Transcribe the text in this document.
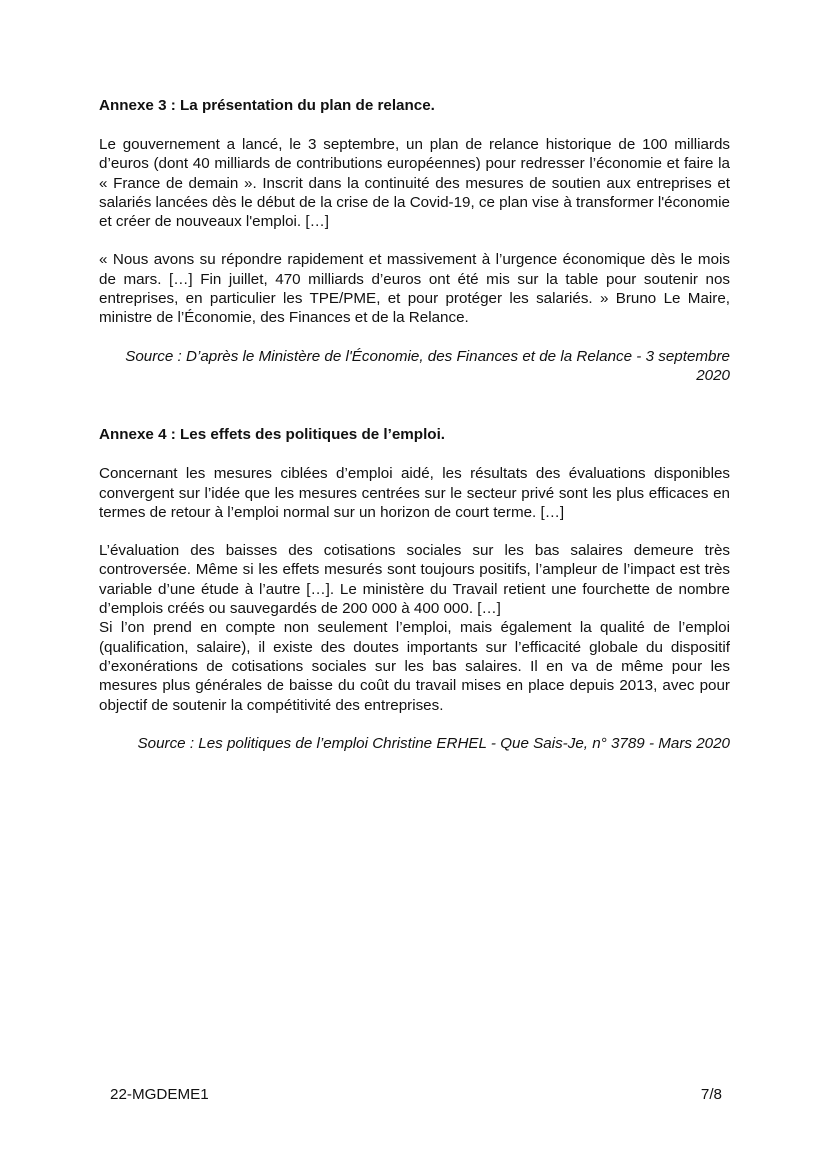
Annexe 3 : La présentation du plan de relance.

Le gouvernement a lancé, le 3 septembre, un plan de relance historique de 100 milliards d’euros (dont 40 milliards de contributions européennes) pour redresser l’économie et faire la « France de demain ». Inscrit dans la continuité des mesures de soutien aux entreprises et salariés lancées dès le début de la crise de la Covid-19, ce plan vise à transformer l'économie et créer de nouveaux l'emploi. […]

« Nous avons su répondre rapidement et massivement à l’urgence économique dès le mois de mars. […] Fin juillet, 470 milliards d’euros ont été mis sur la table pour soutenir nos entreprises, en particulier les TPE/PME, et pour protéger les salariés. » Bruno Le Maire, ministre de l’Économie, des Finances et de la Relance.

Source : D’après le Ministère de l'Économie, des Finances et de la Relance - 3 septembre 2020

Annexe 4 : Les effets des politiques de l’emploi.

Concernant les mesures ciblées d’emploi aidé, les résultats des évaluations disponibles convergent sur l’idée que les mesures centrées sur le secteur privé sont les plus efficaces en termes de retour à l’emploi normal sur un horizon de court terme. […]

L’évaluation des baisses des cotisations sociales sur les bas salaires demeure très controversée. Même si les effets mesurés sont toujours positifs, l’ampleur de l’impact est très variable d’une étude à l’autre […]. Le ministère du Travail retient une fourchette de nombre d’emplois créés ou sauvegardés de 200 000 à 400 000. […]

Si l’on prend en compte non seulement l’emploi, mais également la qualité de l’emploi (qualification, salaire), il existe des doutes importants sur l’efficacité globale du dispositif d’exonérations de cotisations sociales sur les bas salaires. Il en va de même pour les mesures plus générales de baisse du coût du travail mises en place depuis 2013, avec pour objectif de soutenir la compétitivité des entreprises.

Source : Les politiques de l’emploi Christine ERHEL - Que Sais-Je, n° 3789 - Mars 2020

22-MGDEME1	7/8
